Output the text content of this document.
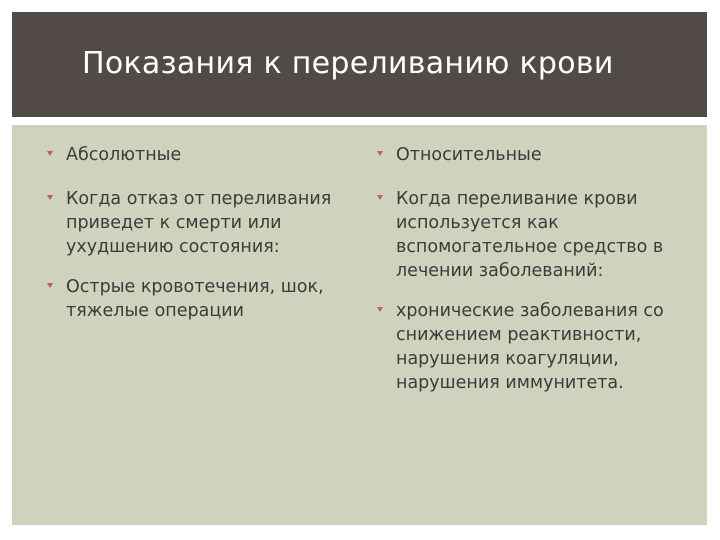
Показания к переливанию крови
Абсолютные
Когда отказ от переливания приведет к смерти или ухудшению состояния:
Острые кровотечения, шок, тяжелые операции
Относительные
Когда переливание крови используется как вспомогательное средство в лечении заболеваний:
хронические заболевания со снижением реактивности, нарушения коагуляции, нарушения иммунитета.
